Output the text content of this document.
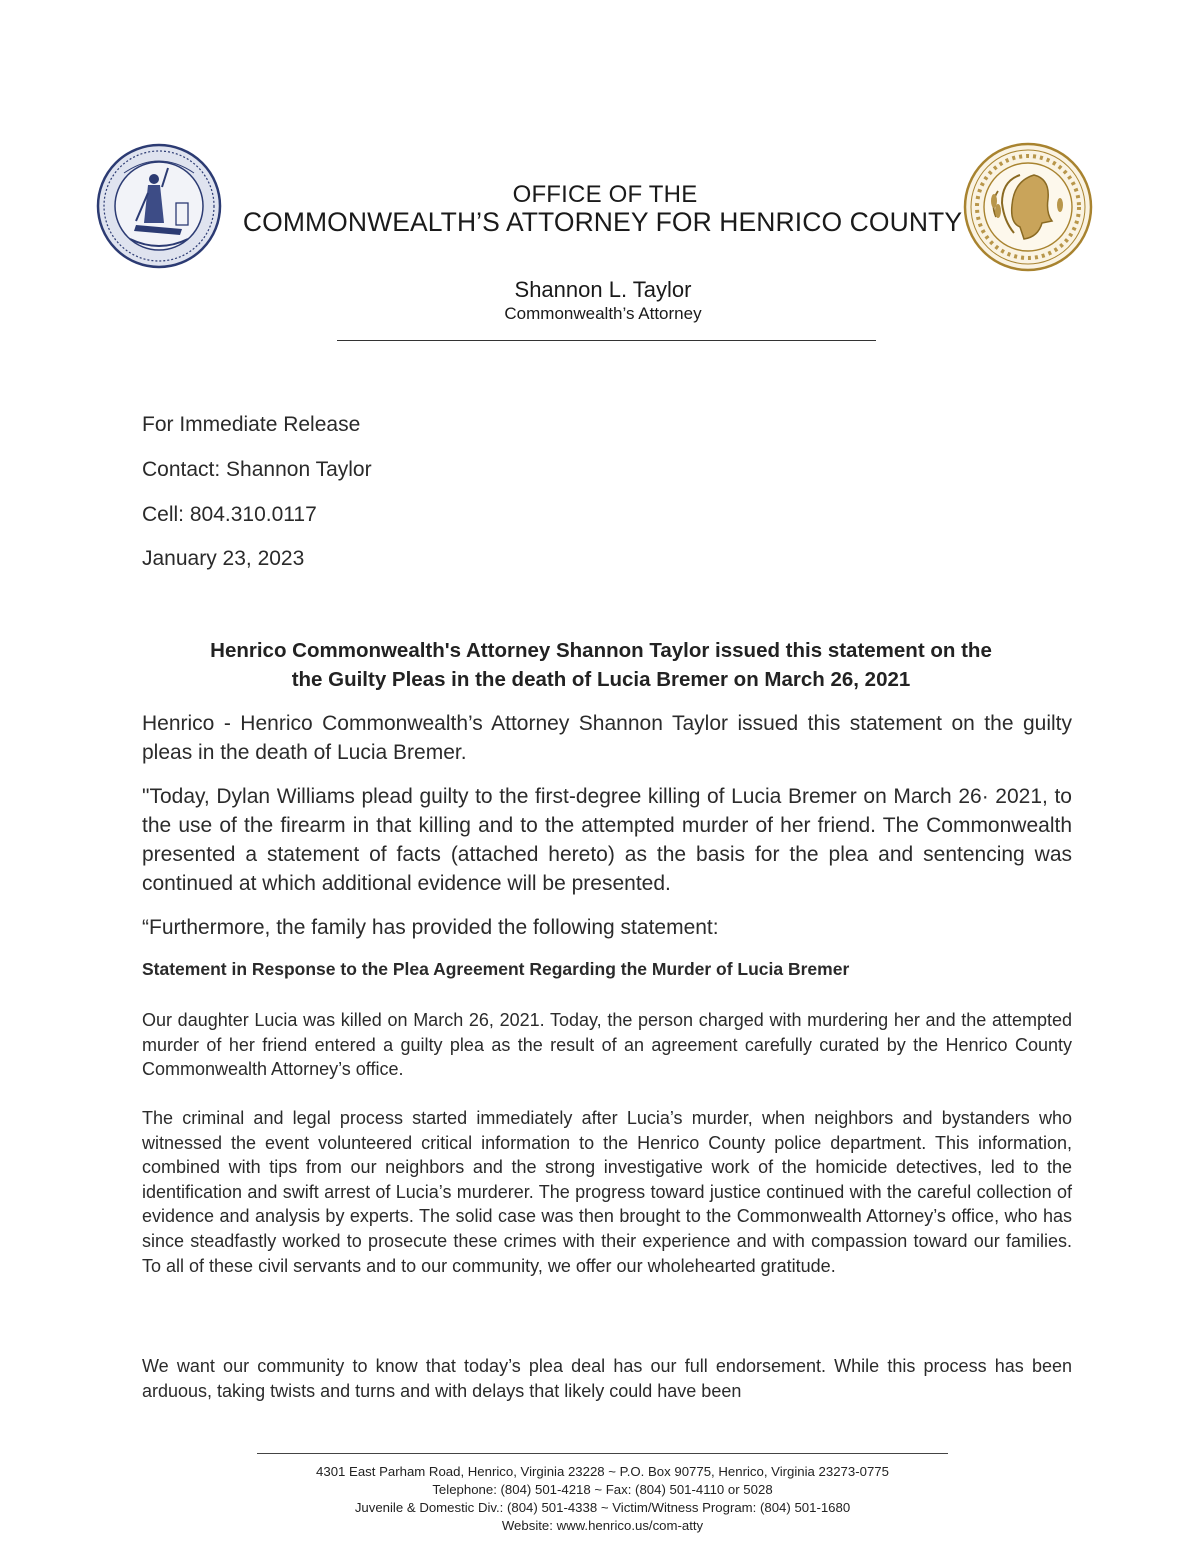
OFFICE OF THE
COMMONWEALTH’S ATTORNEY FOR HENRICO COUNTY
Shannon L. Taylor
Commonwealth’s Attorney
For Immediate Release
Contact: Shannon Taylor
Cell: 804.310.0117
January 23, 2023
Henrico Commonwealth's Attorney Shannon Taylor issued this statement on the
the Guilty Pleas in the death of Lucia Bremer on March 26, 2021
Henrico - Henrico Commonwealth’s Attorney Shannon Taylor issued this statement on the guilty pleas in the death of Lucia Bremer.
"Today, Dylan Williams plead guilty to the first-degree killing of Lucia Bremer on March 26· 2021, to the use of the firearm in that killing and to the attempted murder of her friend. The Commonwealth presented a statement of facts (attached hereto) as the basis for the plea and sentencing was continued at which additional evidence will be presented.
“Furthermore, the family has provided the following statement:
Statement in Response to the Plea Agreement Regarding the Murder of Lucia Bremer
Our daughter Lucia was killed on March 26, 2021. Today, the person charged with murdering her and the attempted murder of her friend entered a guilty plea as the result of an agreement carefully curated by the Henrico County Commonwealth Attorney’s office.
The criminal and legal process started immediately after Lucia’s murder, when neighbors and bystanders who witnessed the event volunteered critical information to the Henrico County police department. This information, combined with tips from our neighbors and the strong investigative work of the homicide detectives, led to the identification and swift arrest of Lucia’s murderer. The progress toward justice continued with the careful collection of evidence and analysis by experts. The solid case was then brought to the Commonwealth Attorney’s office, who has since steadfastly worked to prosecute these crimes with their experience and with compassion toward our families. To all of these civil servants and to our community, we offer our wholehearted gratitude.
We want our community to know that today’s plea deal has our full endorsement. While this process has been arduous, taking twists and turns and with delays that likely could have been
4301 East Parham Road, Henrico, Virginia 23228 ~ P.O. Box 90775, Henrico, Virginia 23273-0775
Telephone: (804) 501-4218 ~ Fax: (804) 501-4110 or 5028
Juvenile & Domestic Div.: (804) 501-4338 ~ Victim/Witness Program: (804) 501-1680
Website: www.henrico.us/com-atty
